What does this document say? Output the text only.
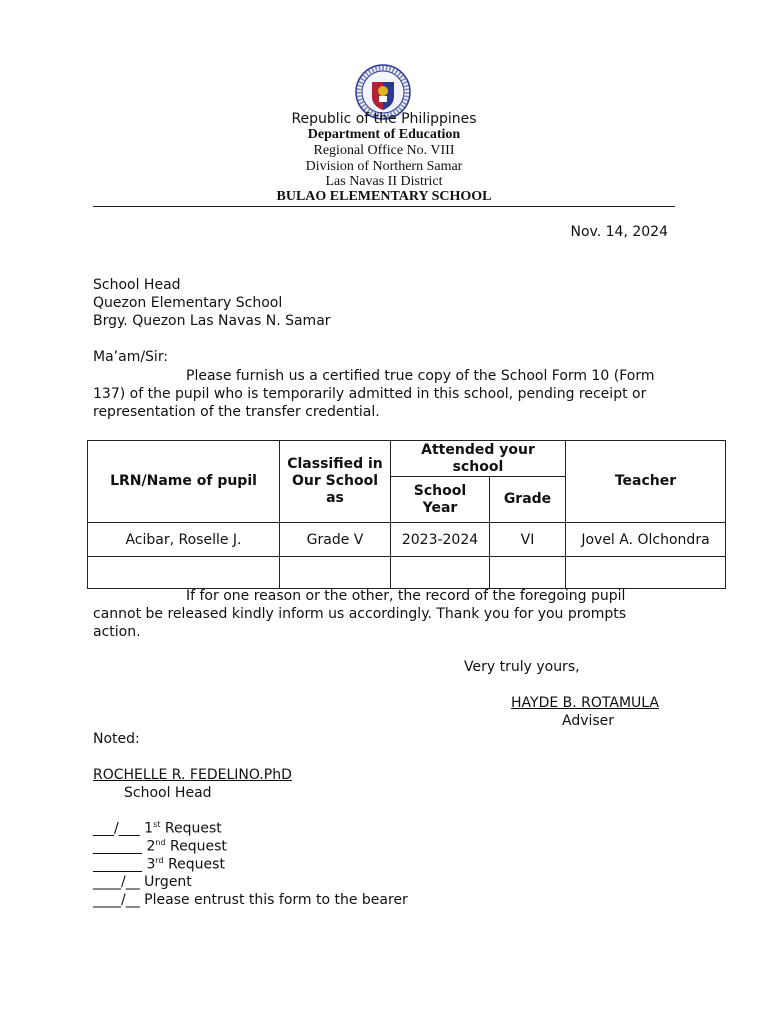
Republic of the Philippines
Department of Education
Regional Office No. VIII
Division of Northern Samar
Las Navas II District
BULAO ELEMENTARY SCHOOL
Nov. 14, 2024
School Head
Quezon Elementary School
Brgy. Quezon Las Navas N. Samar
Ma’am/Sir:
Please furnish us a certified true copy of the School Form 10 (Form 137) of the pupil who is temporarily admitted in this school, pending receipt or representation of the transfer credential.
LRN/Name of pupil	Classified in Our School as	Attended your school		Teacher
		School Year	Grade	
Acibar, Roselle J.	Grade V	2023-2024	VI	Jovel A. Olchondra

If for one reason or the other, the record of the foregoing pupil cannot be released kindly inform us accordingly. Thank you for you prompts action.
Very truly yours,
HAYDE B. ROTAMULA
Adviser
Noted:
ROCHELLE R. FEDELINO.PhD
School Head
___/___ 1st Request
_______ 2nd Request
_______ 3rd Request
____/__ Urgent
____/__ Please entrust this form to the bearer
